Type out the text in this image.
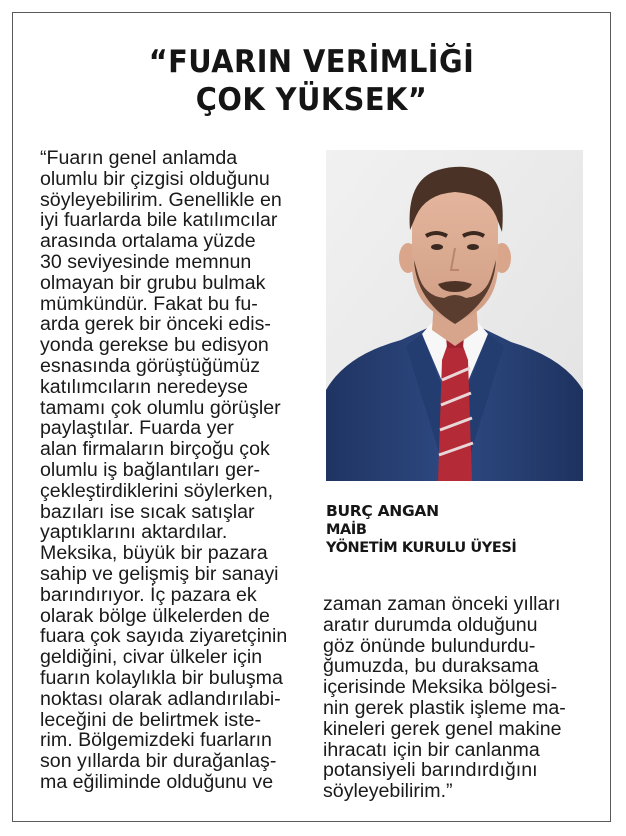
“FUARIN VERİMLİĞİ
ÇOK YÜKSEK”
“Fuarın genel anlamda
olumlu bir çizgisi olduğunu
söyleyebilirim. Genellikle en
iyi fuarlarda bile katılımcılar
arasında ortalama yüzde
30 seviyesinde memnun
olmayan bir grubu bulmak
mümkündür. Fakat bu fu-
arda gerek bir önceki edis-
yonda gerekse bu edisyon
esnasında görüştüğümüz
katılımcıların neredeyse
tamamı çok olumlu görüşler
paylaştılar. Fuarda yer
alan firmaların birçoğu çok
olumlu iş bağlantıları ger-
çekleştirdiklerini söylerken,
bazıları ise sıcak satışlar
yaptıklarını aktardılar.
Meksika, büyük bir pazara
sahip ve gelişmiş bir sanayi
barındırıyor. İç pazara ek
olarak bölge ülkelerden de
fuara çok sayıda ziyaretçinin
geldiğini, civar ülkeler için
fuarın kolaylıkla bir buluşma
noktası olarak adlandırılabi-
leceğini de belirtmek iste-
rim. Bölgemizdeki fuarların
son yıllarda bir durağanlaş-
ma eğiliminde olduğunu ve
zaman zaman önceki yılları
aratır durumda olduğunu
göz önünde bulundurdu-
ğumuzda, bu duraksama
içerisinde Meksika bölgesi-
nin gerek plastik işleme ma-
kineleri gerek genel makine
ihracatı için bir canlanma
potansiyeli barındırdığını
söyleyebilirim.”
BURÇ ANGAN
MAİB
YÖNETİM KURULU ÜYESİ
